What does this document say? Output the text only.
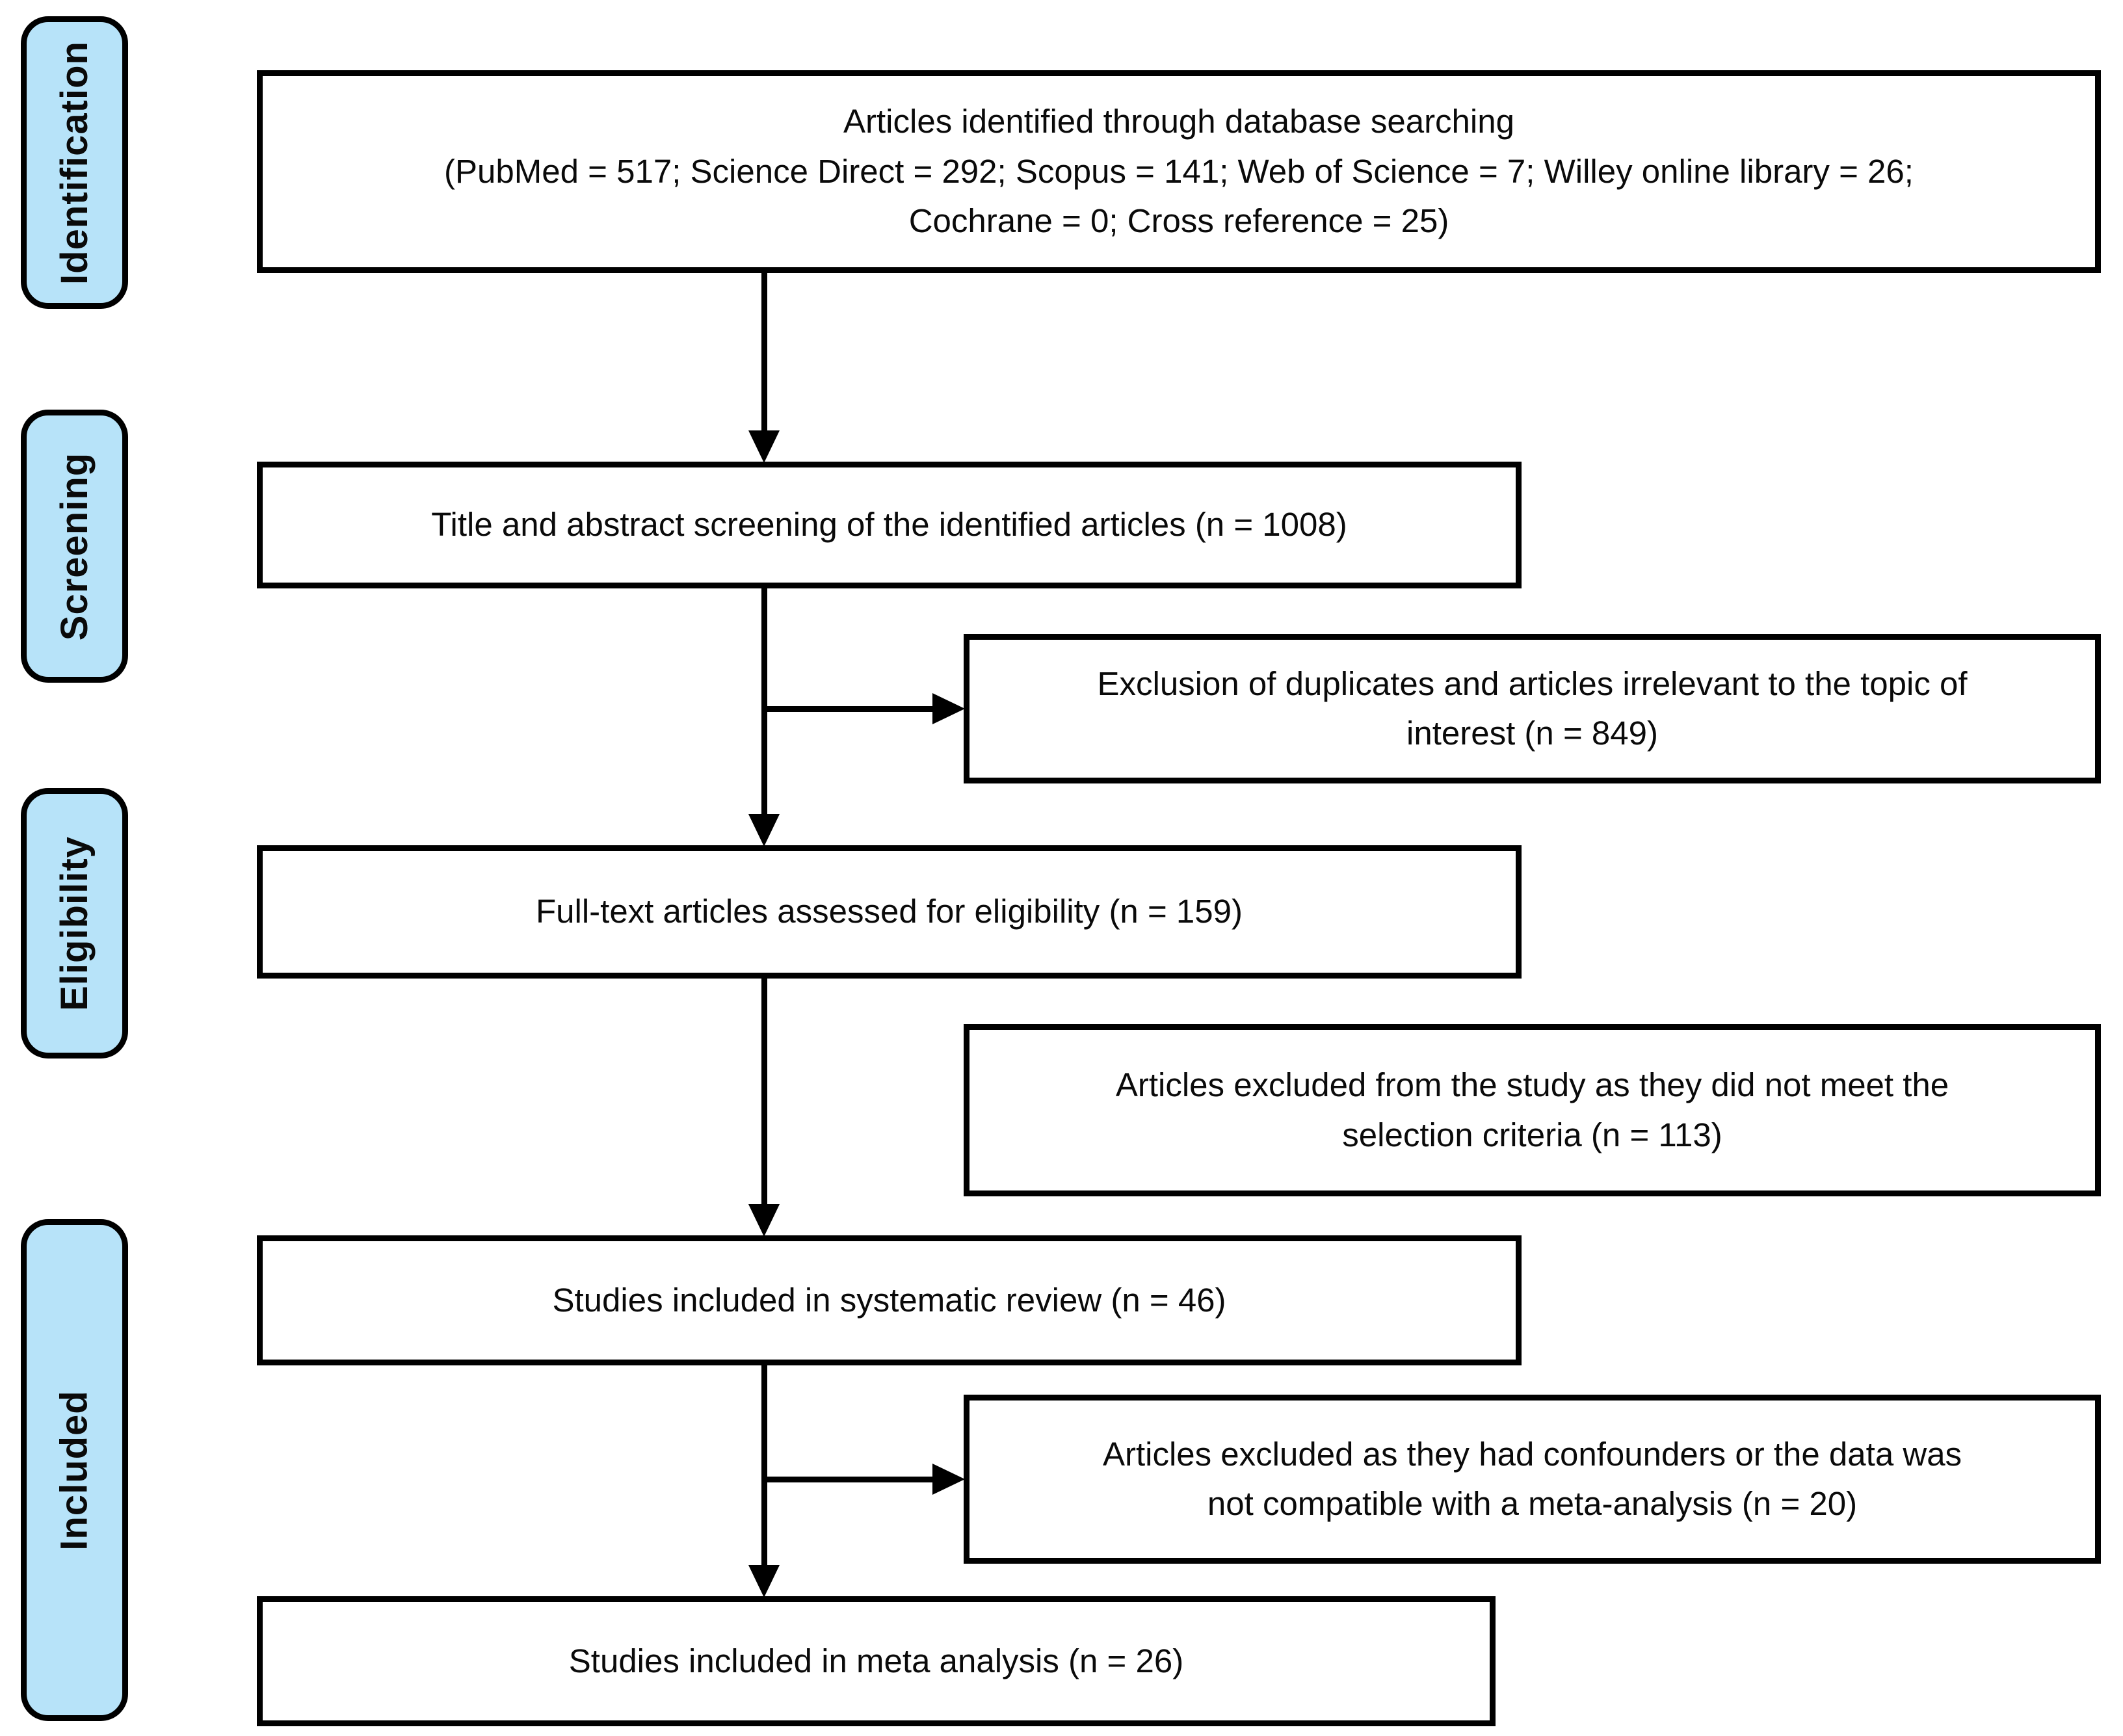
Identification
Screening
Eligibility
Included
Articles identified through database searching
(PubMed = 517; Science Direct = 292; Scopus = 141; Web of Science = 7; Willey online library = 26; Cochrane = 0; Cross reference = 25)
Title and abstract screening of the identified articles (n = 1008)
Exclusion of duplicates and articles irrelevant to the topic of interest (n = 849)
Full-text articles assessed for eligibility (n = 159)
Articles excluded from the study as they did not meet the selection criteria (n = 113)
Studies included in systematic review (n = 46)
Articles excluded as they had confounders or the data was not compatible with a meta-analysis (n = 20)
Studies included in meta analysis (n = 26)
